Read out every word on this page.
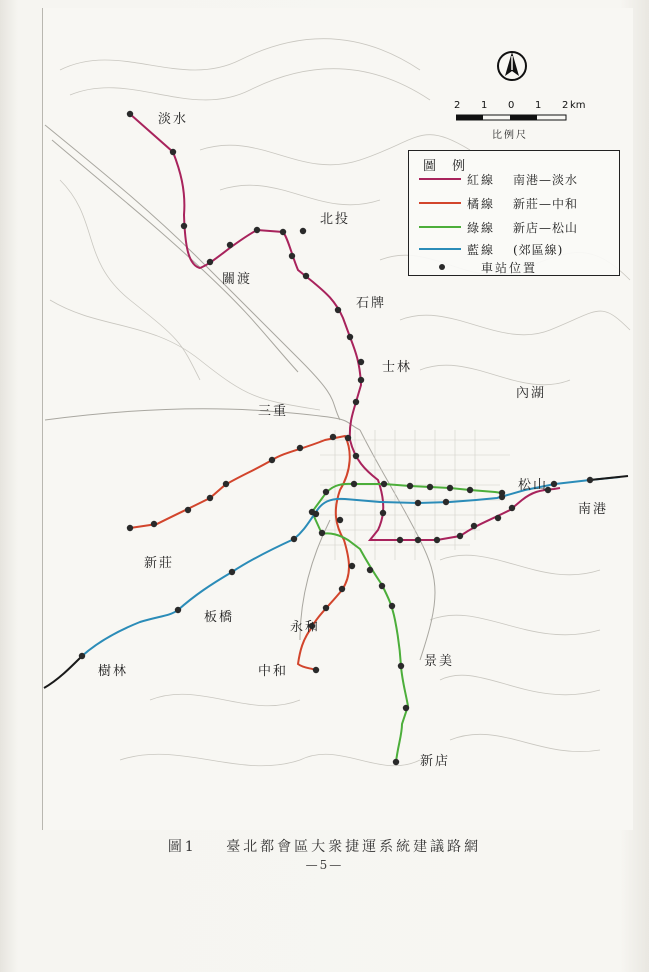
2 1 0 1 2 km
比例尺
圖 例
紅線	南港—淡水
橘線	新莊—中和
綠線	新店—松山
藍線	(郊區線)
車站位置
淡水
北投
關渡
石牌
士林
內湖
三重
松山
南港
新莊
板橋
永和
景美
中和
樹林
新店
圖1 臺北都會區大衆捷運系統建議路網
—5—
